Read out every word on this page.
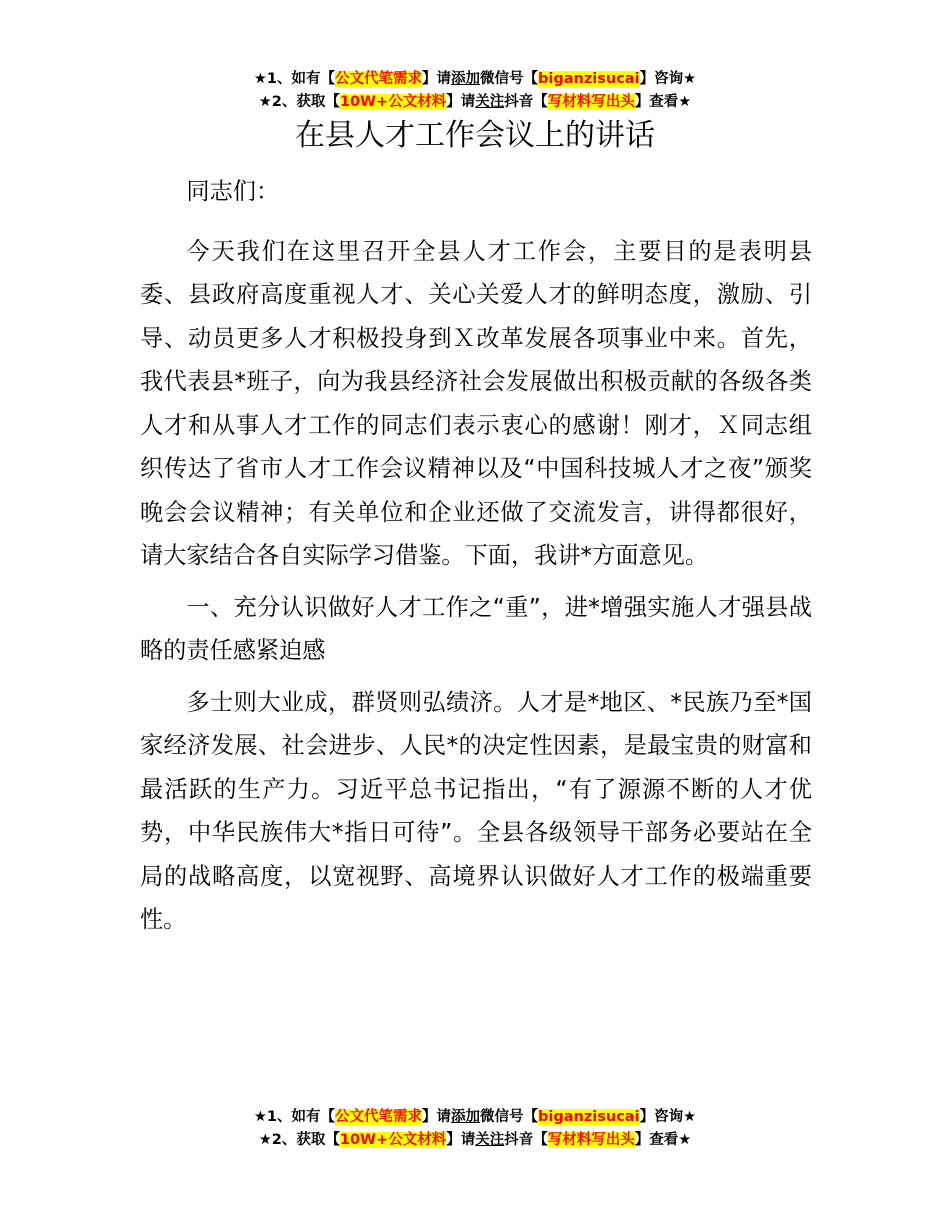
★1、如有【公文代笔需求】请添加微信号【biganzisucai】咨询★
★2、获取【10W+公文材料】请关注抖音【写材料写出头】查看★
在县人才工作会议上的讲话

同志们：

今天我们在这里召开全县人才工作会，主要目的是表明县委、县政府高度重视人才、关心关爱人才的鲜明态度，激励、引导、动员更多人才积极投身到Ｘ改革发展各项事业中来。首先，我代表县*班子，向为我县经济社会发展做出积极贡献的各级各类人才和从事人才工作的同志们表示衷心的感谢！刚才，Ｘ同志组织传达了省市人才工作会议精神以及“中国科技城人才之夜”颁奖晚会会议精神；有关单位和企业还做了交流发言，讲得都很好，请大家结合各自实际学习借鉴。下面，我讲*方面意见。

一、充分认识做好人才工作之“重”，进*增强实施人才强县战略的责任感紧迫感

多士则大业成，群贤则弘绩济。人才是*地区、*民族乃至*国家经济发展、社会进步、人民*的决定性因素，是最宝贵的财富和最活跃的生产力。习近平总书记指出，“有了源源不断的人才优势，中华民族伟大*指日可待”。全县各级领导干部务必要站在全局的战略高度，以宽视野、高境界认识做好人才工作的极端重要性。

★1、如有【公文代笔需求】请添加微信号【biganzisucai】咨询★
★2、获取【10W+公文材料】请关注抖音【写材料写出头】查看★
